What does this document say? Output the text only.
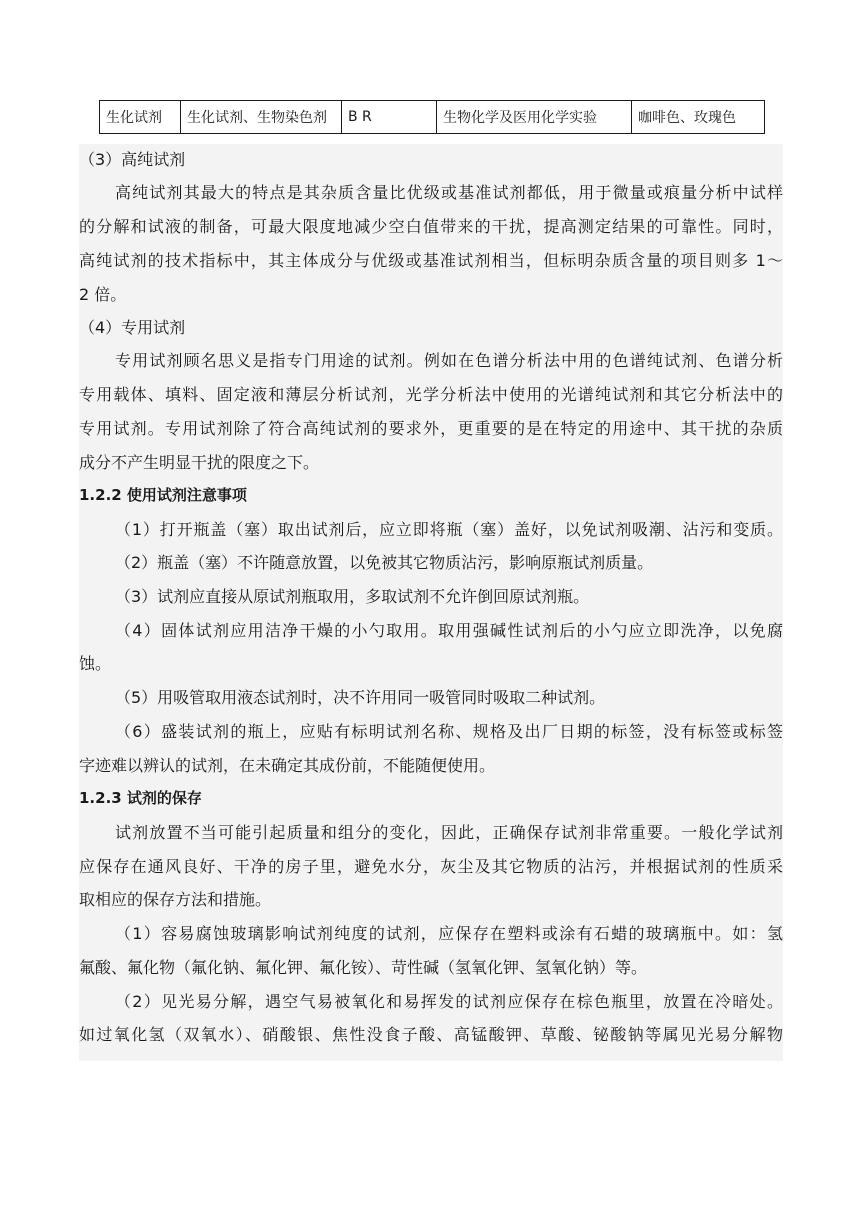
生化试剂	生化试剂、生物染色剂	B R	生物化学及医用化学实验	咖啡色、玫瑰色
（3）高纯试剂
高纯试剂其最大的特点是其杂质含量比优级或基准试剂都低，用于微量或痕量分析中试样
的分解和试液的制备，可最大限度地减少空白值带来的干扰，提高测定结果的可靠性。同时，
高纯试剂的技术指标中，其主体成分与优级或基准试剂相当，但标明杂质含量的项目则多 1～
2 倍。
（4）专用试剂
专用试剂顾名思义是指专门用途的试剂。例如在色谱分析法中用的色谱纯试剂、色谱分析
专用载体、填料、固定液和薄层分析试剂，光学分析法中使用的光谱纯试剂和其它分析法中的
专用试剂。专用试剂除了符合高纯试剂的要求外，更重要的是在特定的用途中、其干扰的杂质
成分不产生明显干扰的限度之下。
1.2.2 使用试剂注意事项
（1）打开瓶盖（塞）取出试剂后，应立即将瓶（塞）盖好，以免试剂吸潮、沾污和变质。
（2）瓶盖（塞）不许随意放置，以免被其它物质沾污，影响原瓶试剂质量。
（3）试剂应直接从原试剂瓶取用，多取试剂不允许倒回原试剂瓶。
（4）固体试剂应用洁净干燥的小勺取用。取用强碱性试剂后的小勺应立即洗净，以免腐
蚀。
（5）用吸管取用液态试剂时，决不许用同一吸管同时吸取二种试剂。
（6）盛装试剂的瓶上，应贴有标明试剂名称、规格及出厂日期的标签，没有标签或标签
字迹难以辨认的试剂，在未确定其成份前，不能随便使用。
1.2.3 试剂的保存
试剂放置不当可能引起质量和组分的变化，因此，正确保存试剂非常重要。一般化学试剂
应保存在通风良好、干净的房子里，避免水分，灰尘及其它物质的沾污，并根据试剂的性质采
取相应的保存方法和措施。
（1）容易腐蚀玻璃影响试剂纯度的试剂，应保存在塑料或涂有石蜡的玻璃瓶中。如：氢
氟酸、氟化物（氟化钠、氟化钾、氟化铵）、苛性碱（氢氧化钾、氢氧化钠）等。
（2）见光易分解，遇空气易被氧化和易挥发的试剂应保存在棕色瓶里，放置在冷暗处。
如过氧化氢（双氧水）、硝酸银、焦性没食子酸、高锰酸钾、草酸、铋酸钠等属见光易分解物
